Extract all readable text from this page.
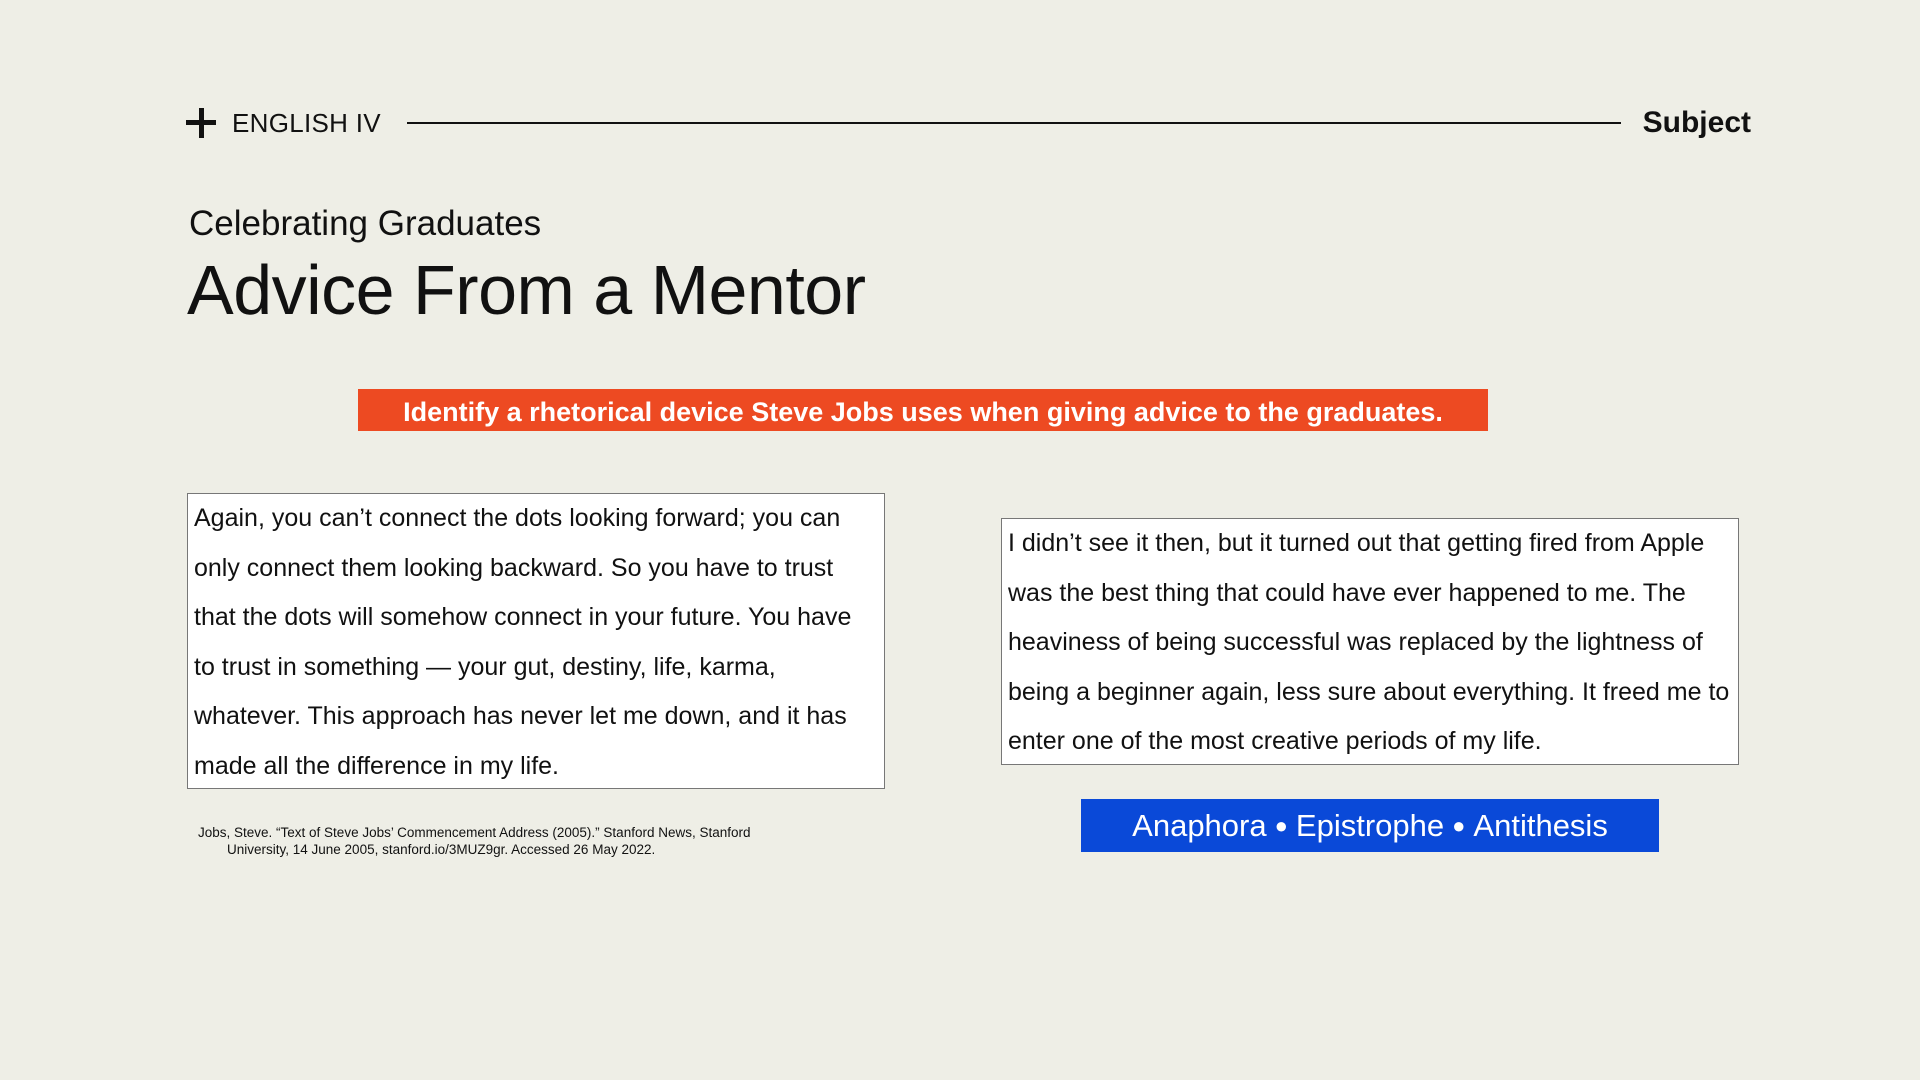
ENGLISH IV	Subject
Celebrating Graduates
Advice From a Mentor
Identify a rhetorical device Steve Jobs uses when giving advice to the graduates.
Again, you can’t connect the dots looking forward; you can only connect them looking backward. So you have to trust that the dots will somehow connect in your future. You have to trust in something — your gut, destiny, life, karma, whatever. This approach has never let me down, and it has made all the difference in my life.
I didn’t see it then, but it turned out that getting fired from Apple was the best thing that could have ever happened to me. The heaviness of being successful was replaced by the lightness of being a beginner again, less sure about everything. It freed me to enter one of the most creative periods of my life.
Jobs, Steve. “Text of Steve Jobs’ Commencement Address (2005).” Stanford News, Stanford University, 14 June 2005, stanford.io/3MUZ9gr. Accessed 26 May 2022.
Anaphora ● Epistrophe ● Antithesis
